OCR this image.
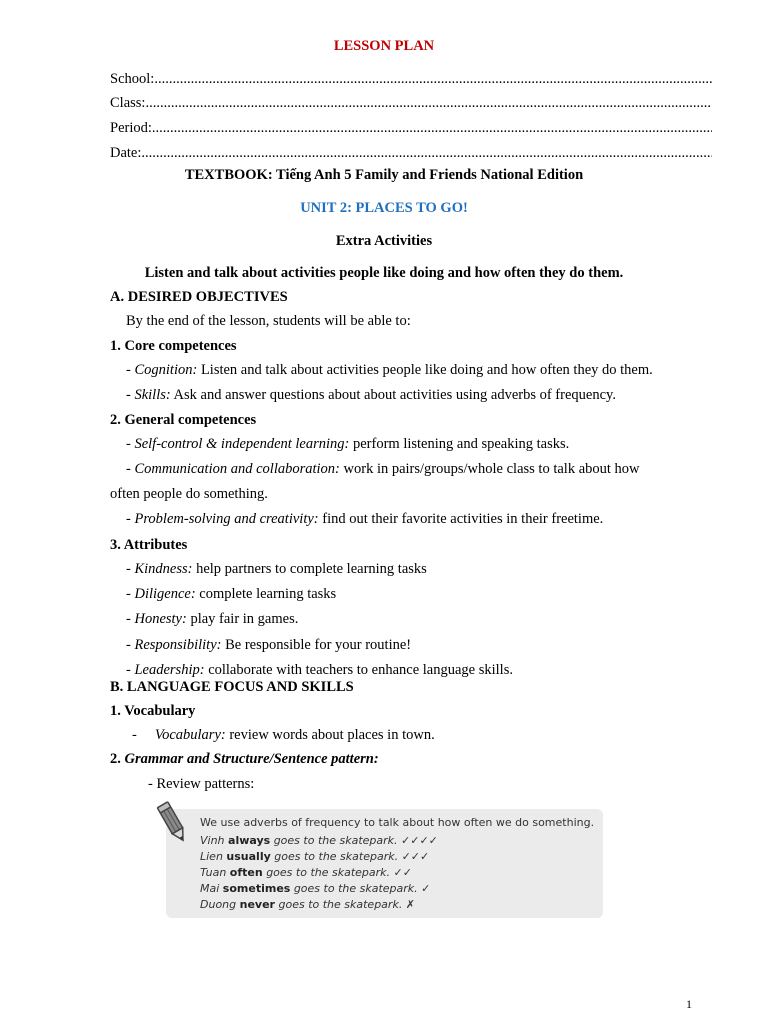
LESSON PLAN
School:
.....
Class:
.....
Period:
.....
Date:
.....
TEXTBOOK: Tiếng Anh 5 Family and Friends National Edition
UNIT 2: PLACES TO GO!
Extra Activities
Listen and talk about activities people like doing and how often they do them.
A. DESIRED OBJECTIVES
By the end of the lesson, students will be able to:
1. Core competences
- Cognition: Listen and talk about activities people like doing and how often they do them.
- Skills: Ask and answer questions about about activities using adverbs of frequency.
2. General competences
- Self-control & independent learning: perform listening and speaking tasks.
- Communication and collaboration: work in pairs/groups/whole class to talk about how
often people do something.
- Problem-solving and creativity: find out their favorite activities in their freetime.
3. Attributes
- Kindness: help partners to complete learning tasks
- Diligence: complete learning tasks
- Honesty: play fair in games.
- Responsibility: Be responsible for your routine!
- Leadership: collaborate with teachers to enhance language skills.
B. LANGUAGE FOCUS AND SKILLS
1. Vocabulary
- Vocabulary: review words about places in town.
2. Grammar and Structure/Sentence pattern:
- Review patterns:
We use adverbs of frequency to talk about how often we do something.
Vinh always goes to the skatepark. ✓✓✓✓
Lien usually goes to the skatepark. ✓✓✓
Tuan often goes to the skatepark. ✓✓
Mai sometimes goes to the skatepark. ✓
Duong never goes to the skatepark. ✗
1
